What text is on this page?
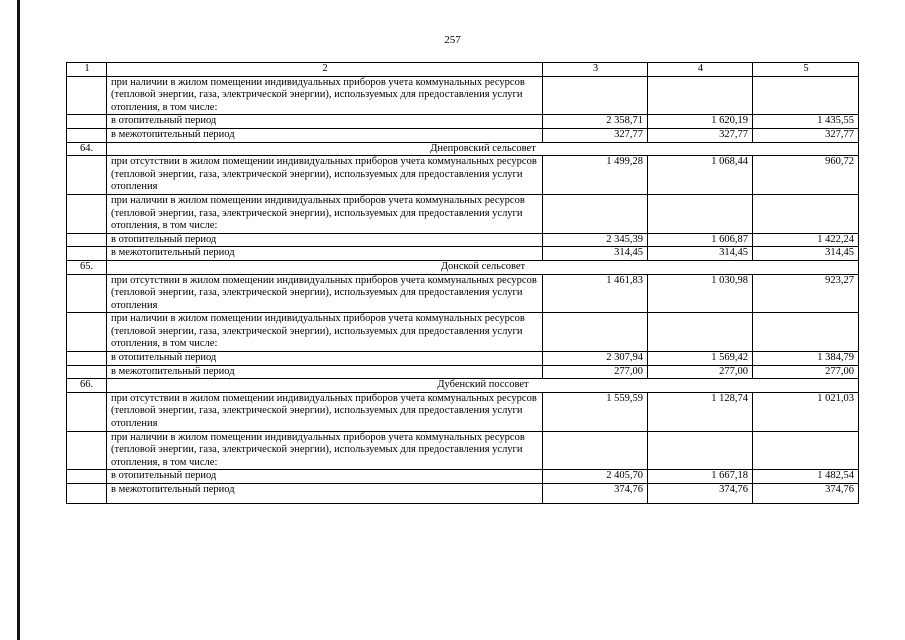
257
1	2	3	4	5
	при наличии в жилом помещении индивидуальных приборов учета коммунальных ресурсов (тепловой энергии, газа, электрической энергии), используемых для предоставления услуги отопления, в том числе:			
	в отопительный период	2 358,71	1 620,19	1 435,55
	в межотопительный период	327,77	327,77	327,77
64.	Днепровский сельсовет			
	при отсутствии в жилом помещении индивидуальных приборов учета коммунальных ресурсов (тепловой энергии, газа, электрической энергии), используемых для предоставления услуги отопления	1 499,28	1 068,44	960,72
	при наличии в жилом помещении индивидуальных приборов учета коммунальных ресурсов (тепловой энергии, газа, электрической энергии), используемых для предоставления услуги отопления, в том числе:			
	в отопительный период	2 345,39	1 606,87	1 422,24
	в межотопительный период	314,45	314,45	314,45
65.	Донской сельсовет			
	при отсутствии в жилом помещении индивидуальных приборов учета коммунальных ресурсов (тепловой энергии, газа, электрической энергии), используемых для предоставления услуги отопления	1 461,83	1 030,98	923,27
	при наличии в жилом помещении индивидуальных приборов учета коммунальных ресурсов (тепловой энергии, газа, электрической энергии), используемых для предоставления услуги отопления, в том числе:			
	в отопительный период	2 307,94	1 569,42	1 384,79
	в межотопительный период	277,00	277,00	277,00
66.	Дубенский поссовет			
	при отсутствии в жилом помещении индивидуальных приборов учета коммунальных ресурсов (тепловой энергии, газа, электрической энергии), используемых для предоставления услуги отопления	1 559,59	1 128,74	1 021,03
	при наличии в жилом помещении индивидуальных приборов учета коммунальных ресурсов (тепловой энергии, газа, электрической энергии), используемых для предоставления услуги отопления, в том числе:			
	в отопительный период	2 405,70	1 667,18	1 482,54
	в межотопительный период	374,76	374,76	374,76
